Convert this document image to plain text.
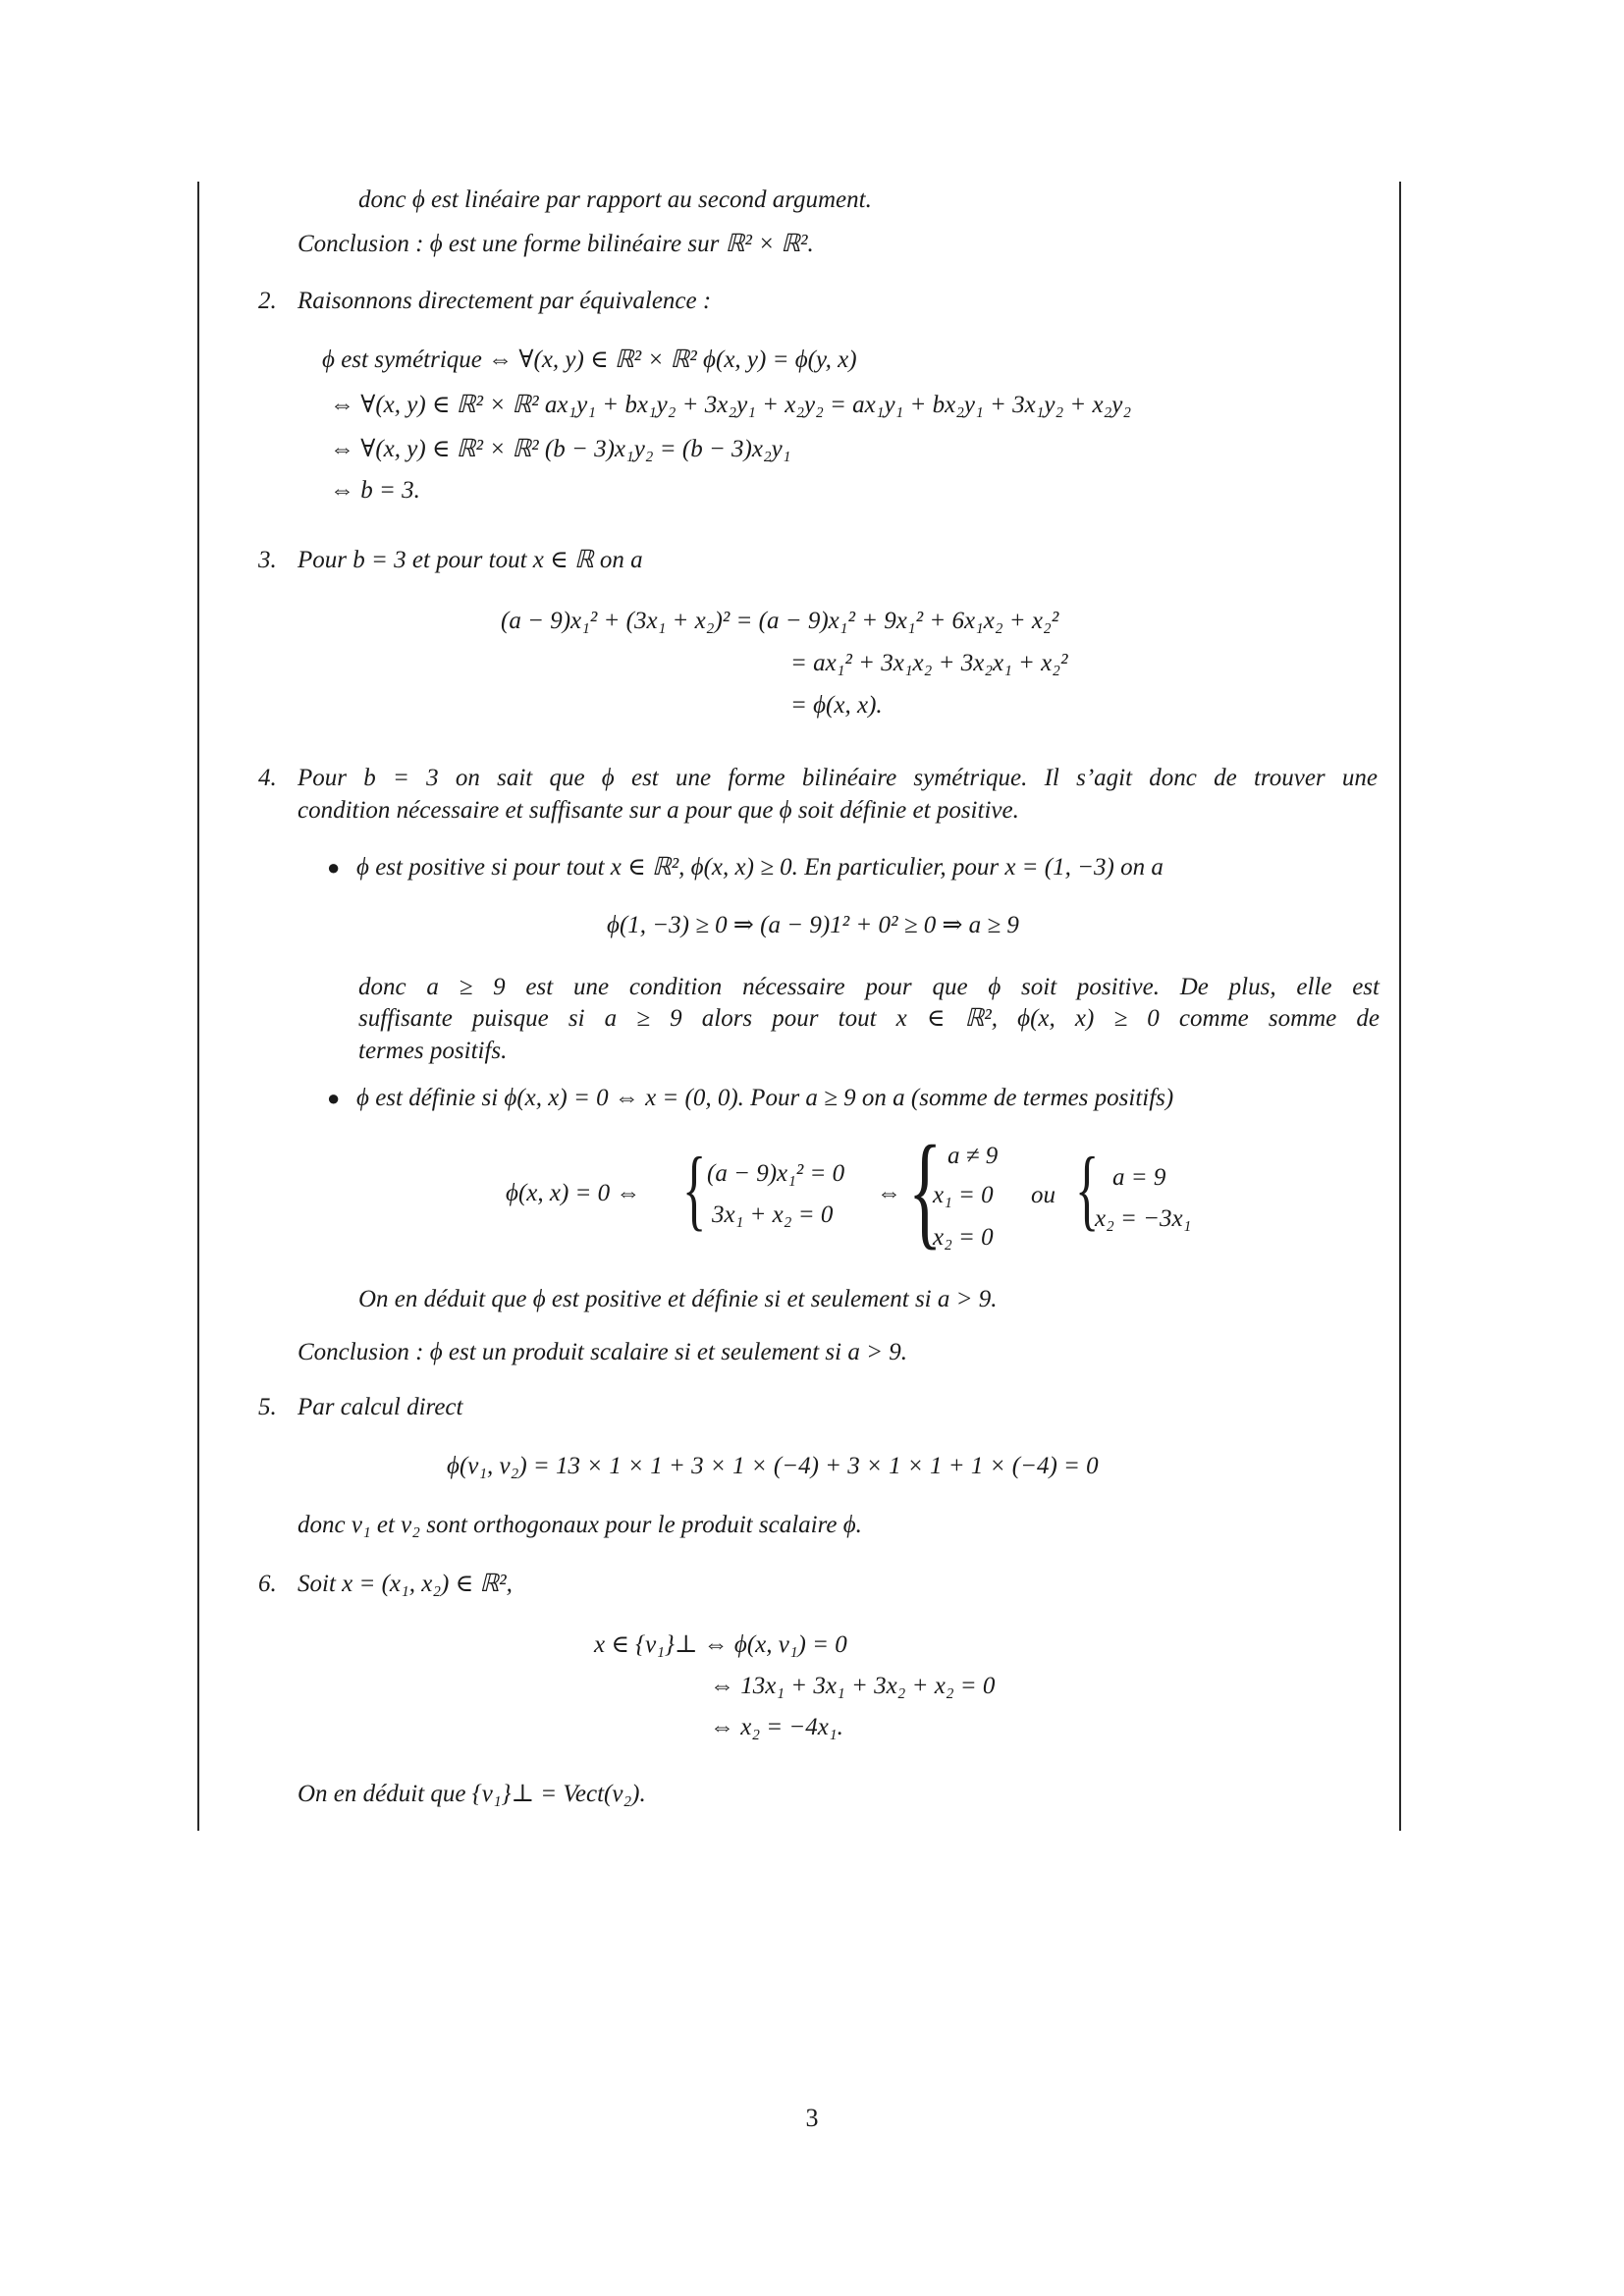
donc ϕ est linéaire par rapport au second argument.
Conclusion : ϕ est une forme bilinéaire sur ℝ² × ℝ².
2. Raisonnons directement par équivalence :
ϕ est symétrique ⇔ ∀(x, y) ∈ ℝ² × ℝ² ϕ(x, y) = ϕ(y, x)
⇔ ∀(x, y) ∈ ℝ² × ℝ² ax₁y₁ + bx₁y₂ + 3x₂y₁ + x₂y₂ = ax₁y₁ + bx₂y₁ + 3x₁y₂ + x₂y₂
⇔ ∀(x, y) ∈ ℝ² × ℝ² (b − 3)x₁y₂ = (b − 3)x₂y₁
⇔ b = 3.
3. Pour b = 3 et pour tout x ∈ ℝ on a
(a − 9)x₁² + (3x₁ + x₂)² = (a − 9)x₁² + 9x₁² + 6x₁x₂ + x₂²
= ax₁² + 3x₁x₂ + 3x₂x₁ + x₂²
= ϕ(x, x).
4. Pour b = 3 on sait que ϕ est une forme bilinéaire symétrique. Il s’agit donc de trouver une
condition nécessaire et suffisante sur a pour que ϕ soit définie et positive.
● ϕ est positive si pour tout x ∈ ℝ², ϕ(x, x) ≥ 0. En particulier, pour x = (1, −3) on a
ϕ(1, −3) ≥ 0 ⇒ (a − 9)1² + 0² ≥ 0 ⇒ a ≥ 9
donc a ≥ 9 est une condition nécessaire pour que ϕ soit positive. De plus, elle est
suffisante puisque si a ≥ 9 alors pour tout x ∈ ℝ², ϕ(x, x) ≥ 0 comme somme de
termes positifs.
● ϕ est définie si ϕ(x, x) = 0 ⇔ x = (0, 0). Pour a ≥ 9 on a (somme de termes positifs)
ϕ(x, x) = 0 ⇔ { (a − 9)x₁² = 0
3x₁ + x₂ = 0
⇔ { a ≠ 9
x₁ = 0
x₂ = 0
ou { a = 9
x₂ = −3x₁
On en déduit que ϕ est positive et définie si et seulement si a > 9.
Conclusion : ϕ est un produit scalaire si et seulement si a > 9.
5. Par calcul direct
ϕ(v₁, v₂) = 13 × 1 × 1 + 3 × 1 × (−4) + 3 × 1 × 1 + 1 × (−4) = 0
donc v₁ et v₂ sont orthogonaux pour le produit scalaire ϕ.
6. Soit x = (x₁, x₂) ∈ ℝ²,
x ∈ {v₁}⊥ ⇔ ϕ(x, v₁) = 0
⇔ 13x₁ + 3x₁ + 3x₂ + x₂ = 0
⇔ x₂ = −4x₁.
On en déduit que {v₁}⊥ = Vect(v₂).
3
